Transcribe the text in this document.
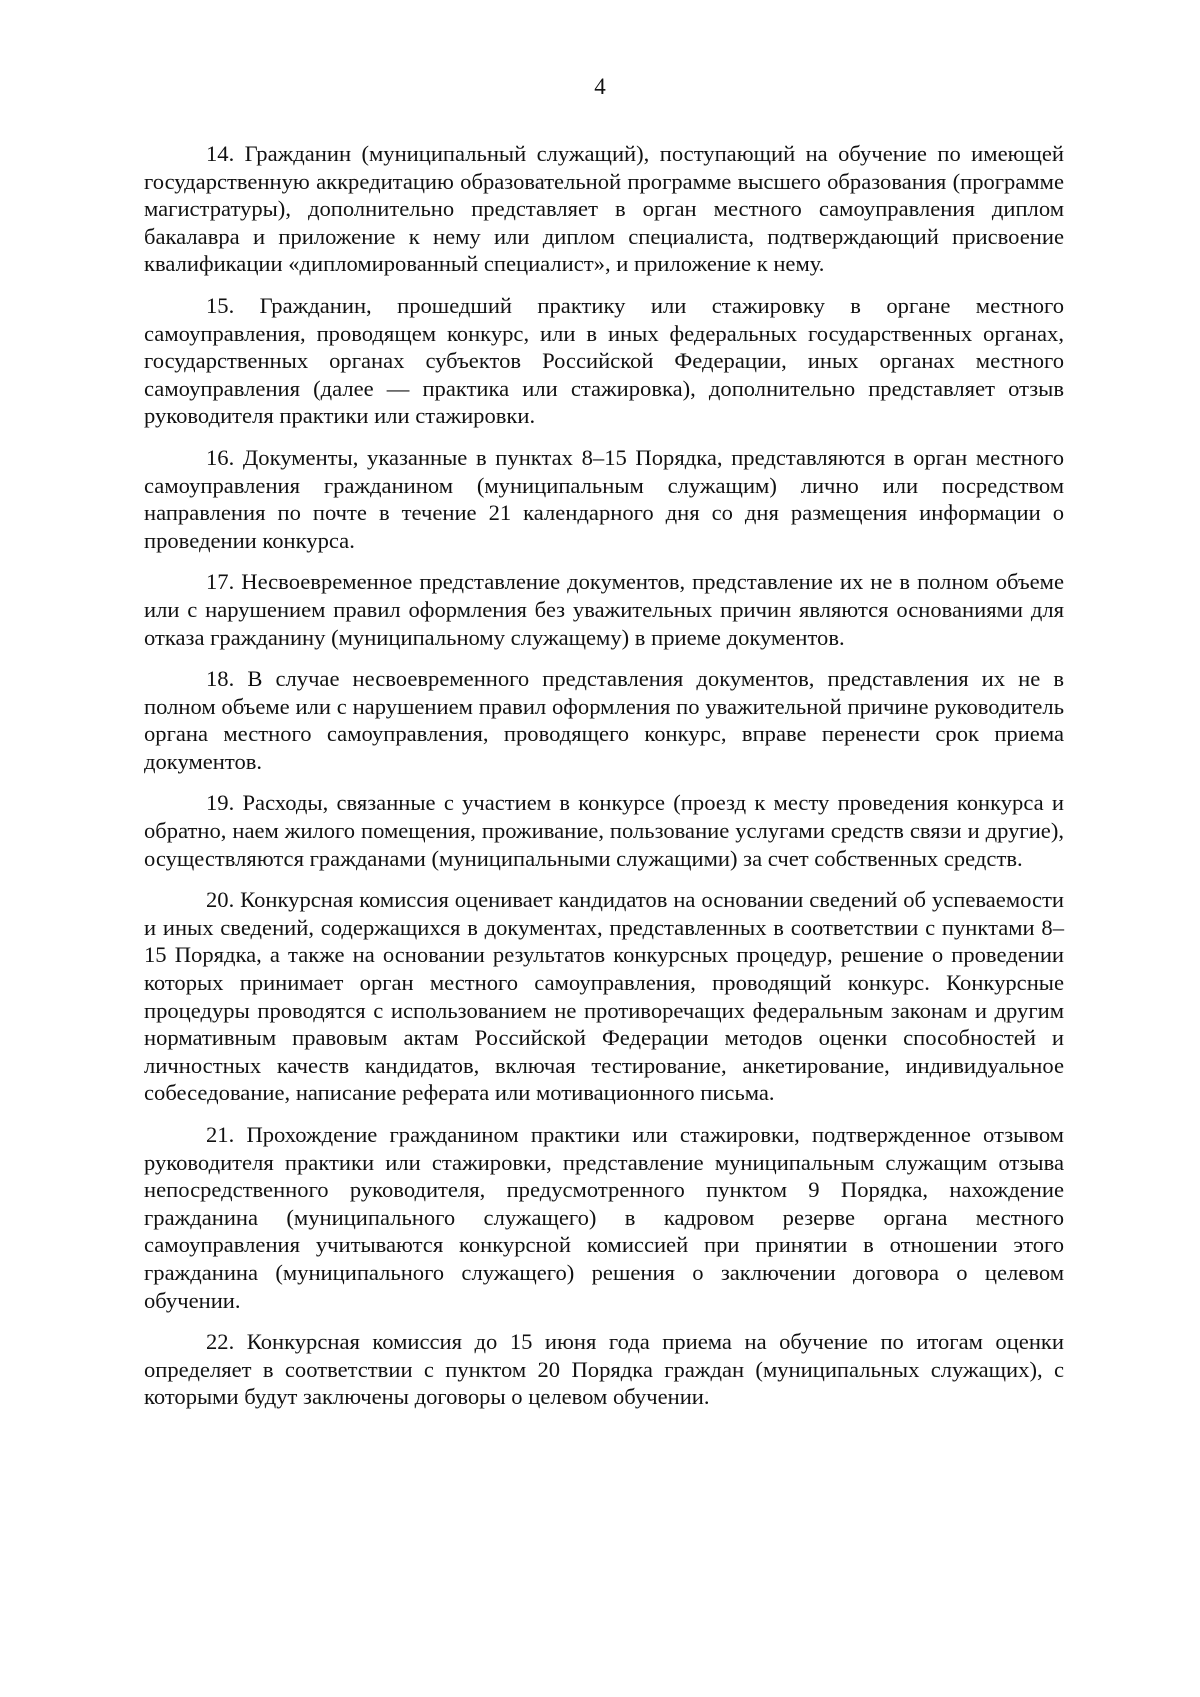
4

14. Гражданин (муниципальный служащий), поступающий на обучение по имеющей государственную аккредитацию образовательной программе высшего образования (программе магистратуры), дополнительно представляет в орган местного самоуправления диплом бакалавра и приложение к нему или диплом специалиста, подтверждающий присвоение квалификации «дипломированный специалист», и приложение к нему.

15. Гражданин, прошедший практику или стажировку в органе местного самоуправления, проводящем конкурс, или в иных федеральных государственных органах, государственных органах субъектов Российской Федерации, иных органах местного самоуправления (далее — практика или стажировка), дополнительно представляет отзыв руководителя практики или стажировки.

16. Документы, указанные в пунктах 8–15 Порядка, представляются в орган местного самоуправления гражданином (муниципальным служащим) лично или посредством направления по почте в течение 21 календарного дня со дня размещения информации о проведении конкурса.

17. Несвоевременное представление документов, представление их не в полном объеме или с нарушением правил оформления без уважительных причин являются основаниями для отказа гражданину (муниципальному служащему) в приеме документов.

18. В случае несвоевременного представления документов, представления их не в полном объеме или с нарушением правил оформления по уважительной причине руководитель органа местного самоуправления, проводящего конкурс, вправе перенести срок приема документов.

19. Расходы, связанные с участием в конкурсе (проезд к месту проведения конкурса и обратно, наем жилого помещения, проживание, пользование услугами средств связи и другие), осуществляются гражданами (муниципальными служащими) за счет собственных средств.

20. Конкурсная комиссия оценивает кандидатов на основании сведений об успеваемости и иных сведений, содержащихся в документах, представленных в соответствии с пунктами 8–15 Порядка, а также на основании результатов конкурсных процедур, решение о проведении которых принимает орган местного самоуправления, проводящий конкурс. Конкурсные процедуры проводятся с использованием не противоречащих федеральным законам и другим нормативным правовым актам Российской Федерации методов оценки способностей и личностных качеств кандидатов, включая тестирование, анкетирование, индивидуальное собеседование, написание реферата или мотивационного письма.

21. Прохождение гражданином практики или стажировки, подтвержденное отзывом руководителя практики или стажировки, представление муниципальным служащим отзыва непосредственного руководителя, предусмотренного пунктом 9 Порядка, нахождение гражданина (муниципального служащего) в кадровом резерве органа местного самоуправления учитываются конкурсной комиссией при принятии в отношении этого гражданина (муниципального служащего) решения о заключении договора о целевом обучении.

22. Конкурсная комиссия до 15 июня года приема на обучение по итогам оценки определяет в соответствии с пунктом 20 Порядка граждан (муниципальных служащих), с которыми будут заключены договоры о целевом обучении.
